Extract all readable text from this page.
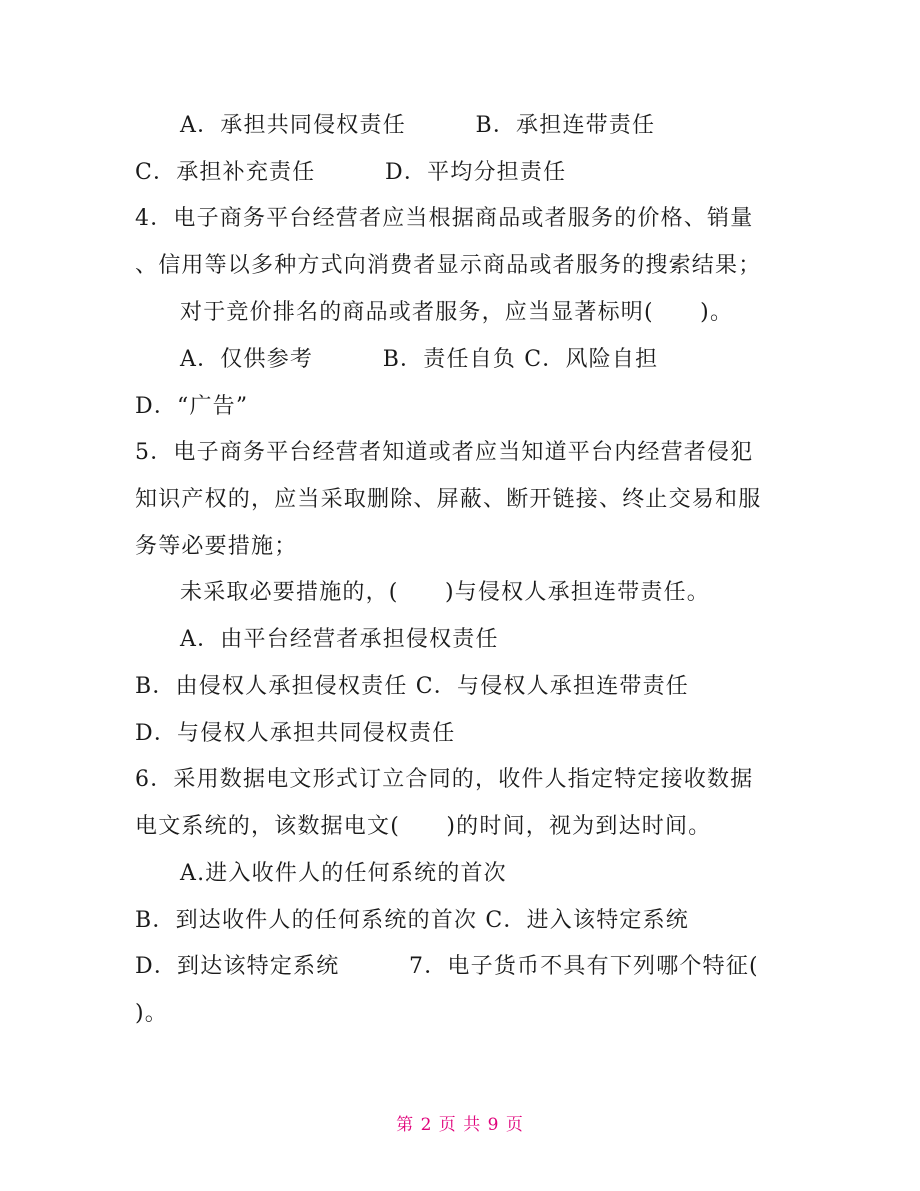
A．承担共同侵权责任　　　B．承担连带责任
C．承担补充责任　　　D．平均分担责任
4．电子商务平台经营者应当根据商品或者服务的价格、销量
、信用等以多种方式向消费者显示商品或者服务的搜索结果；
对于竞价排名的商品或者服务，应当显著标明(　　)。
A．仅供参考　　　B．责任自负 C．风险自担
D．“广告”
5．电子商务平台经营者知道或者应当知道平台内经营者侵犯
知识产权的，应当采取删除、屏蔽、断开链接、终止交易和服
务等必要措施；
未采取必要措施的，(　　)与侵权人承担连带责任。
A．由平台经营者承担侵权责任
B．由侵权人承担侵权责任 C．与侵权人承担连带责任
D．与侵权人承担共同侵权责任
6．采用数据电文形式订立合同的，收件人指定特定接收数据
电文系统的，该数据电文(　　)的时间，视为到达时间。
A.进入收件人的任何系统的首次
B．到达收件人的任何系统的首次 C．进入该特定系统
D．到达该特定系统　　　7．电子货币不具有下列哪个特征(
)。
第 2 页 共 9 页
